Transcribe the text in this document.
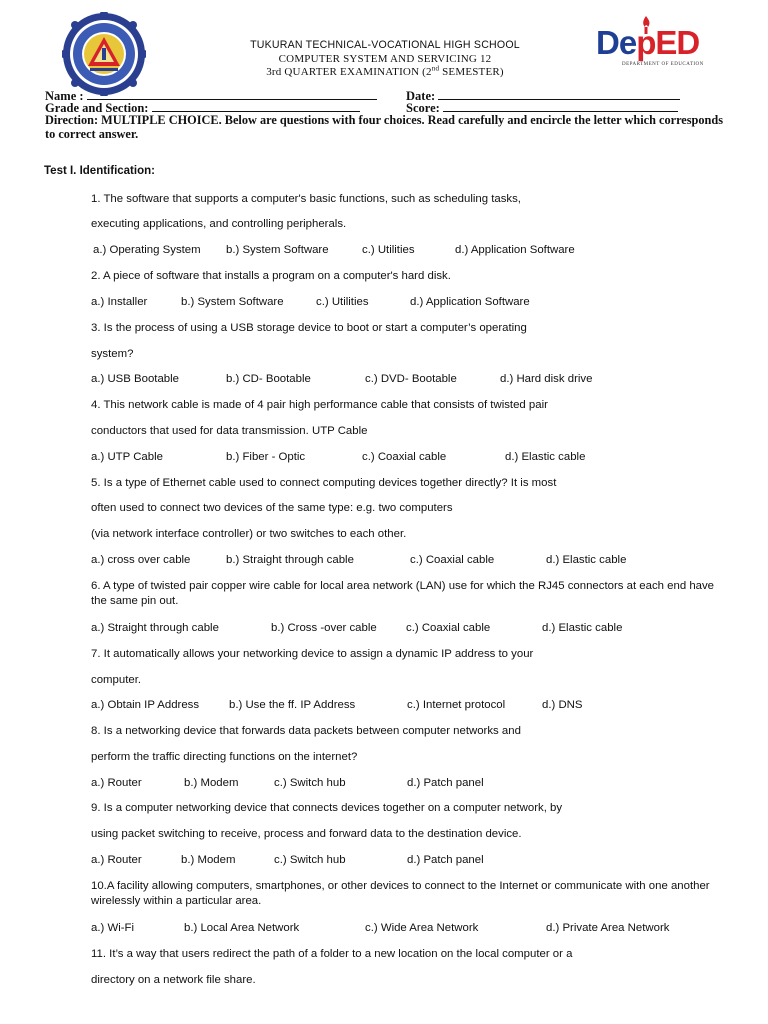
DepED
DEPARTMENT OF EDUCATION
TUKURAN TECHNICAL-VOCATIONAL HIGH SCHOOL
COMPUTER SYSTEM AND SERVICING 12
3rd QUARTER EXAMINATION (2nd SEMESTER)
Name :	Date:
Grade and Section:	Score:
Direction: MULTIPLE CHOICE. Below are questions with four choices. Read carefully and encircle the letter which corresponds to correct answer.
Test I. Identification:
1. The software that supports a computer's basic functions, such as scheduling tasks,
executing applications, and controlling peripherals.
a.) Operating System b.) System Software	c.) Utilities	d.) Application Software
2. A piece of software that installs a program on a computer's hard disk.
a.) Installer	b.) System Software	c.) Utilities	d.) Application Software
3. Is the process of using a USB storage device to boot or start a computer’s operating
system?
a.) USB Bootable	b.) CD- Bootable	c.) DVD- Bootable	d.) Hard disk drive
4. This network cable is made of 4 pair high performance cable that consists of twisted pair
conductors that used for data transmission. UTP Cable
a.) UTP Cable	b.) Fiber - Optic	c.) Coaxial cable	d.) Elastic cable
5. Is a type of Ethernet cable used to connect computing devices together directly? It is most
often used to connect two devices of the same type: e.g. two computers
(via network interface controller) or two switches to each other.
a.) cross over cable	b.) Straight through cable	c.) Coaxial cable	d.) Elastic cable
6. A type of twisted pair copper wire cable for local area network (LAN) use for which the RJ45 connectors at each end have the same pin out.
a.) Straight through cable	b.) Cross -over cable	c.) Coaxial cable	d.) Elastic cable
7. It automatically allows your networking device to assign a dynamic IP address to your
computer.
a.) Obtain IP Address	b.) Use the ff. IP Address	c.) Internet protocol	d.) DNS
8. Is a networking device that forwards data packets between computer networks and
perform the traffic directing functions on the internet?
a.) Router	b.) Modem	c.) Switch hub	d.) Patch panel
9. Is a computer networking device that connects devices together on a computer network, by
using packet switching to receive, process and forward data to the destination device.
a.) Router	b.) Modem	c.) Switch hub	d.) Patch panel
10.A facility allowing computers, smartphones, or other devices to connect to the Internet or communicate with one another wirelessly within a particular area.
a.) Wi-Fi	b.) Local Area Network	c.) Wide Area Network	d.) Private Area Network
11. It’s a way that users redirect the path of a folder to a new location on the local computer or a
directory on a network file share.
